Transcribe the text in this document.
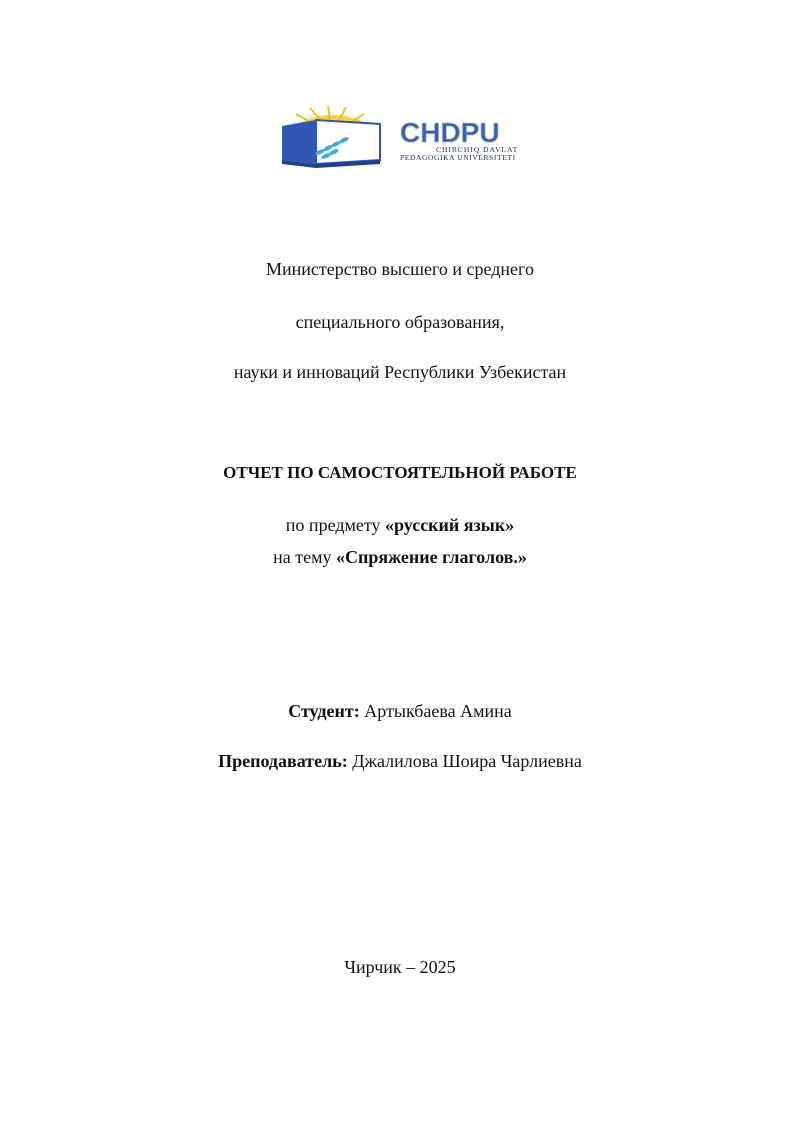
CHDPU
CHIRCHIQ DAVLAT
PEDAGOGIKA UNIVERSITETI
Министерство высшего и среднего
специального образования,
науки и инноваций Республики Узбекистан
ОТЧЕТ ПО САМОСТОЯТЕЛЬНОЙ РАБОТЕ
по предмету «русский язык»
на тему «Спряжение глаголов.»
Студент: Артыкбаева Амина
Преподаватель: Джалилова Шоира Чарлиевна
Чирчик – 2025
